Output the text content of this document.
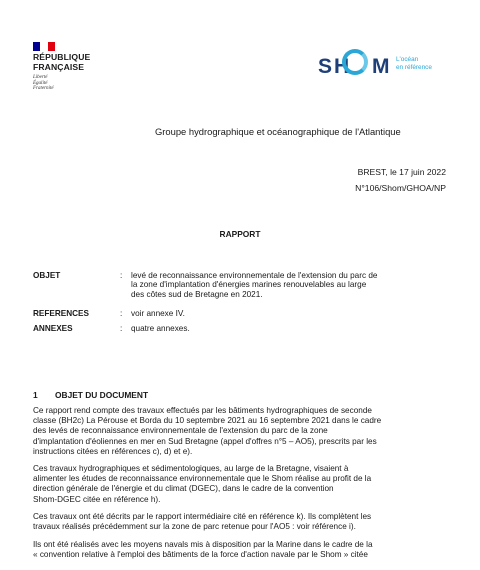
RÉPUBLIQUE
FRANÇAISE
Liberté
Égalité
Fraternité
SH M L'océan
en référence
Groupe hydrographique et océanographique de l'Atlantique
BREST, le 17 juin 2022
N°106/Shom/GHOA/NP
RAPPORT
OBJET	: levé de reconnaissance environnementale de l'extension du parc de
la zone d'implantation d'énergies marines renouvelables au large
des côtes sud de Bretagne en 2021.
REFERENCES	: voir annexe IV.
ANNEXES	: quatre annexes.
1 OBJET DU DOCUMENT
Ce rapport rend compte des travaux effectués par les bâtiments hydrographiques de seconde
classe (BH2c) La Pérouse et Borda du 10 septembre 2021 au 16 septembre 2021 dans le cadre
des levés de reconnaissance environnementale de l'extension du parc de la zone
d'implantation d'éoliennes en mer en Sud Bretagne (appel d'offres n°5 – AO5), prescrits par les
instructions citées en références c), d) et e).
Ces travaux hydrographiques et sédimentologiques, au large de la Bretagne, visaient à
alimenter les études de reconnaissance environnementale que le Shom réalise au profit de la
direction générale de l'énergie et du climat (DGEC), dans le cadre de la convention
Shom-DGEC citée en référence h).
Ces travaux ont été décrits par le rapport intermédiaire cité en référence k). Ils complètent les
travaux réalisés précédemment sur la zone de parc retenue pour l'AO5 : voir référence i).
Ils ont été réalisés avec les moyens navals mis à disposition par la Marine dans le cadre de la
« convention relative à l'emploi des bâtiments de la force d'action navale par le Shom » citée
